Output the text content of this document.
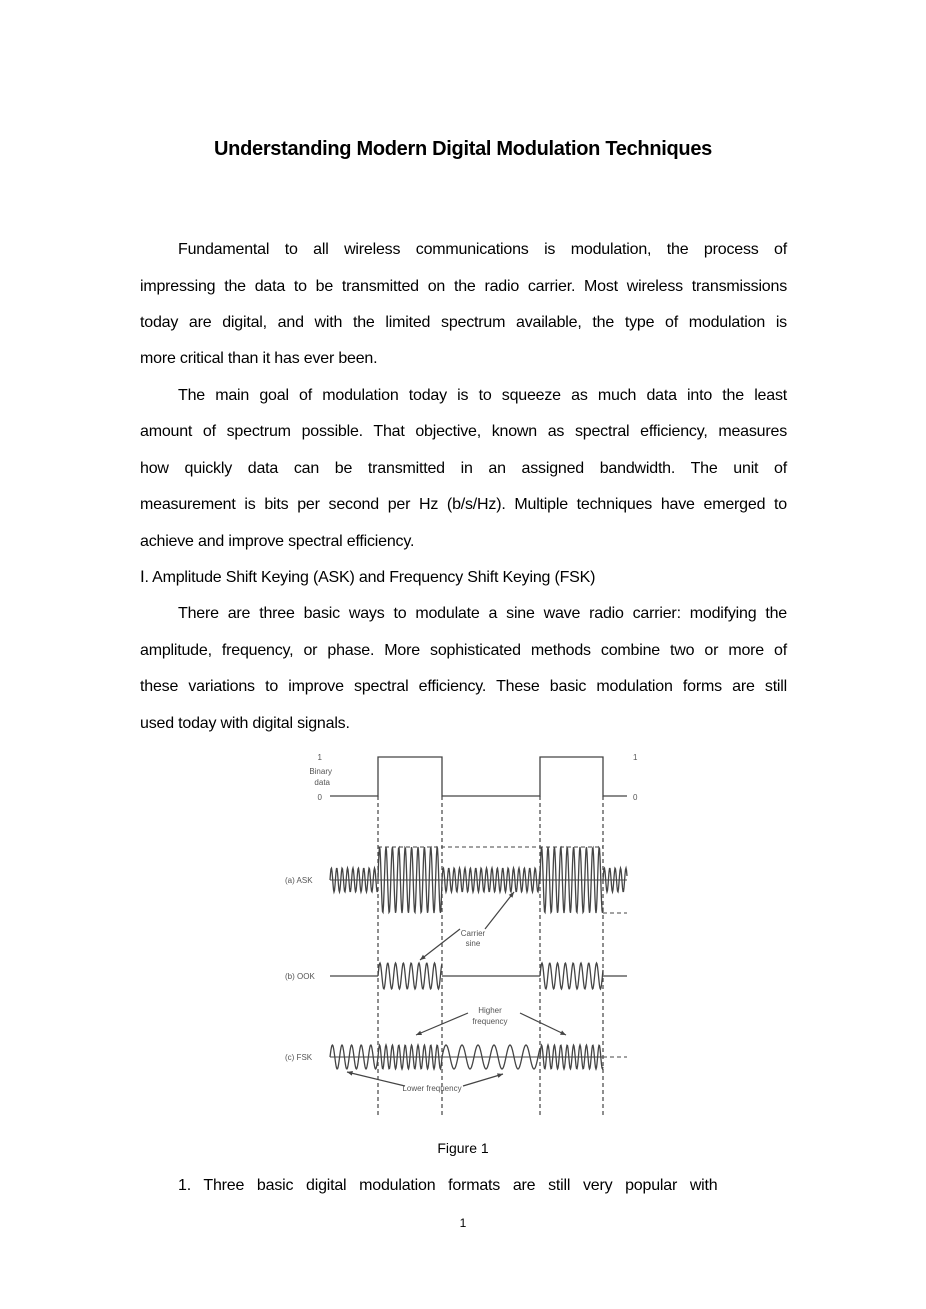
Understanding Modern Digital Modulation Techniques
Fundamental to all wireless communications is modulation, the process of
impressing the data to be transmitted on the radio carrier. Most wireless transmissions
today are digital, and with the limited spectrum available, the type of modulation is
more critical than it has ever been.
The main goal of modulation today is to squeeze as much data into the least
amount of spectrum possible. That objective, known as spectral efficiency, measures
how quickly data can be transmitted in an assigned bandwidth. The unit of
measurement is bits per second per Hz (b/s/Hz). Multiple techniques have emerged to
achieve and improve spectral efficiency.
Ⅰ. Amplitude Shift Keying (ASK) and Frequency Shift Keying (FSK)
There are three basic ways to modulate a sine wave radio carrier: modifying the
amplitude, frequency, or phase. More sophisticated methods combine two or more of
these variations to improve spectral efficiency. These basic modulation forms are still
used today with digital signals.
1
Binary
data
0
1
0
(a) ASK
(b) OOK
(c) FSK
Carrier
sine
Higher
frequency
Lower frequency
Figure 1
1.   Three   basic   digital   modulation   formats   are   still   very   popular   with
1
